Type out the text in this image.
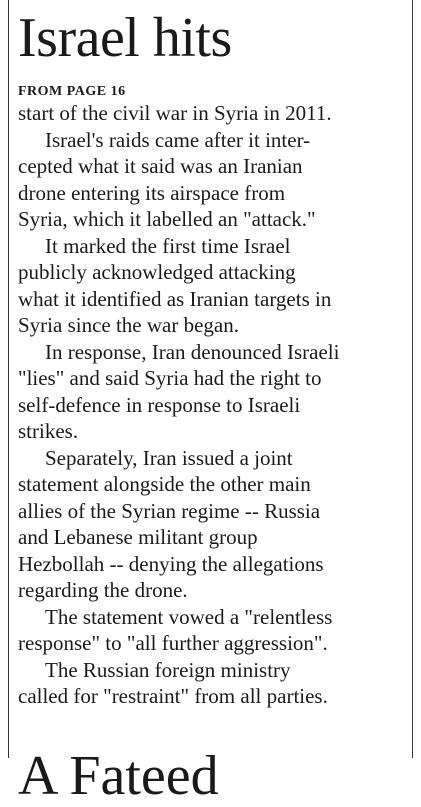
Israel hits
FROM PAGE 16

start of the civil war in Syria in 2011.

Israel's raids came after it inter-
cepted what it said was an Iranian
drone entering its airspace from
Syria, which it labelled an "attack."

It marked the first time Israel
publicly acknowledged attacking
what it identified as Iranian targets in
Syria since the war began.

In response, Iran denounced Israeli
"lies" and said Syria had the right to
self-defence in response to Israeli
strikes.

Separately, Iran issued a joint
statement alongside the other main
allies of the Syrian regime -- Russia
and Lebanese militant group
Hezbollah -- denying the allegations
regarding the drone.

The statement vowed a "relentless
response" to "all further aggression".

The Russian foreign ministry
called for "restraint" from all parties.

A Fateed
